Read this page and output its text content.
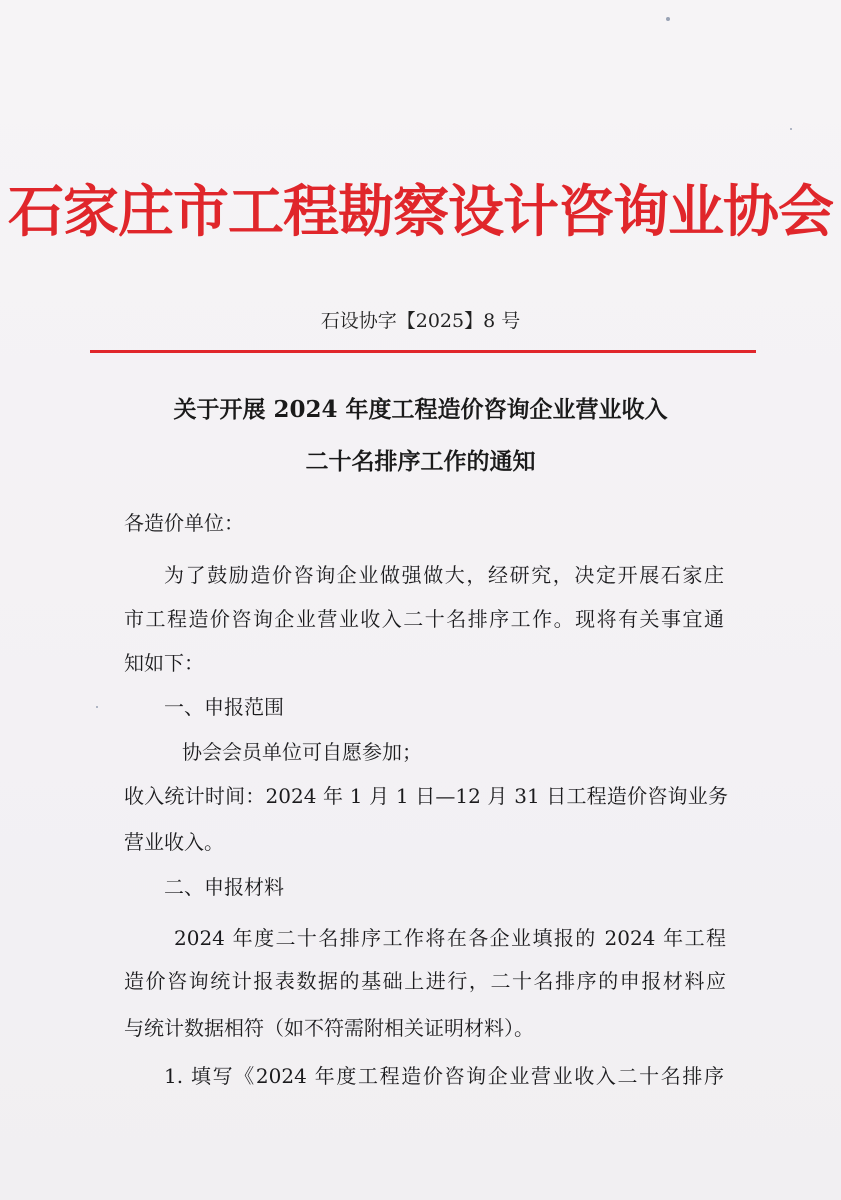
石家庄市工程勘察设计咨询业协会
石设协字【2025】8 号
关于开展 2024 年度工程造价咨询企业营业收入
二十名排序工作的通知
各造价单位：
为了鼓励造价咨询企业做强做大，经研究，决定开展石家庄
市工程造价咨询企业营业收入二十名排序工作。现将有关事宜通
知如下：
一、申报范围
协会会员单位可自愿参加；
收入统计时间：2024 年 1 月 1 日—12 月 31 日工程造价咨询业务
营业收入。
二、申报材料
2024 年度二十名排序工作将在各企业填报的 2024 年工程
造价咨询统计报表数据的基础上进行，二十名排序的申报材料应
与统计数据相符（如不符需附相关证明材料）。
1. 填写《2024 年度工程造价咨询企业营业收入二十名排序
